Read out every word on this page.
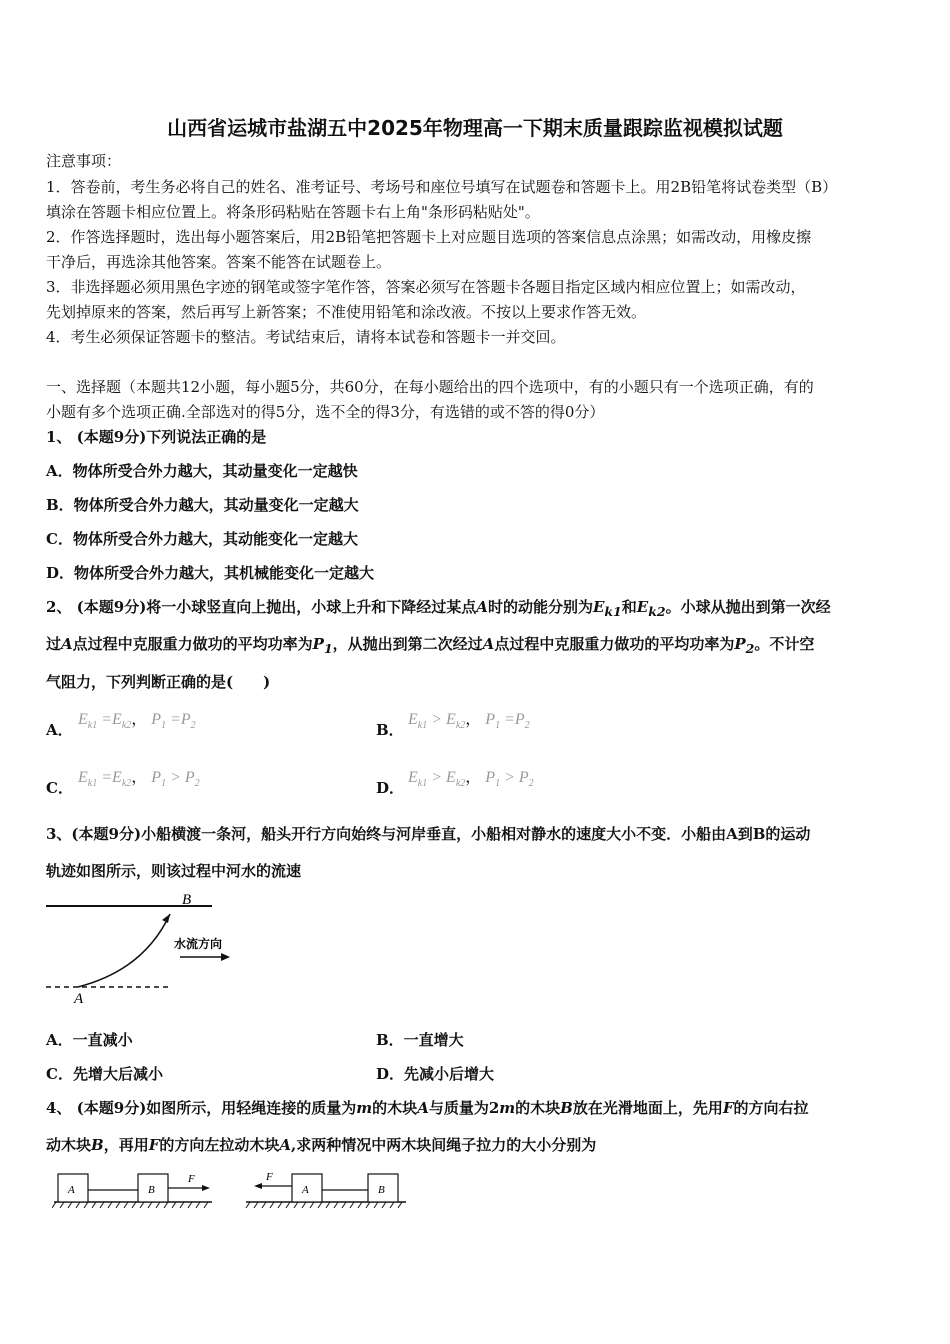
山西省运城市盐湖五中2025年物理高一下期末质量跟踪监视模拟试题
注意事项：
1．答卷前，考生务必将自己的姓名、准考证号、考场号和座位号填写在试题卷和答题卡上。用2B铅笔将试卷类型（B）
填涂在答题卡相应位置上。将条形码粘贴在答题卡右上角"条形码粘贴处"。
2．作答选择题时，选出每小题答案后，用2B铅笔把答题卡上对应题目选项的答案信息点涂黑；如需改动，用橡皮擦
干净后，再选涂其他答案。答案不能答在试题卷上。
3．非选择题必须用黑色字迹的钢笔或签字笔作答，答案必须写在答题卡各题目指定区域内相应位置上；如需改动，
先划掉原来的答案，然后再写上新答案；不准使用铅笔和涂改液。不按以上要求作答无效。
4．考生必须保证答题卡的整洁。考试结束后，请将本试卷和答题卡一并交回。
一、选择题（本题共12小题，每小题5分，共60分，在每小题给出的四个选项中，有的小题只有一个选项正确，有的
小题有多个选项正确.全部选对的得5分，选不全的得3分，有选错的或不答的得0分）
1、 (本题9分)下列说法正确的是
A．物体所受合外力越大，其动量变化一定越快
B．物体所受合外力越大，其动量变化一定越大
C．物体所受合外力越大，其动能变化一定越大
D．物体所受合外力越大，其机械能变化一定越大
2、 (本题9分)将一小球竖直向上抛出，小球上升和下降经过某点A时的动能分别为$E_{k1}$和$E_{k2}$。小球从抛出到第一次经
过A点过程中克服重力做功的平均功率为$P_1$，从抛出到第二次经过A点过程中克服重力做功的平均功率为$P_2$。不计空
气阻力，下列判断正确的是(　　)
A．
$E_{k1} =E_{k2}$， $P_1 =P_2$	B．
$E_{k1} > E_{k2}$， $P_1 =P_2$
C．
$E_{k1} =E_{k2}$， $P_1 > P_2$	D．
$E_{k1} > E_{k2}$， $P_1 > P_2$
3、(本题9分)小船横渡一条河，船头开行方向始终与河岸垂直，小船相对静水的速度大小不变．小船由A到B的运动
轨迹如图所示，则该过程中河水的流速
A
B
水流方向
A．一直减小	B．一直增大
C．先增大后减小	D．先减小后增大
4、 (本题9分)如图所示，用轻绳连接的质量为m的木块A与质量为2m的木块B放在光滑地面上，先用F的方向右拉
动木块B，再用F的方向左拉动木块A,求两种情况中两木块间绳子拉力的大小分别为
A	B
F	F
A	B
